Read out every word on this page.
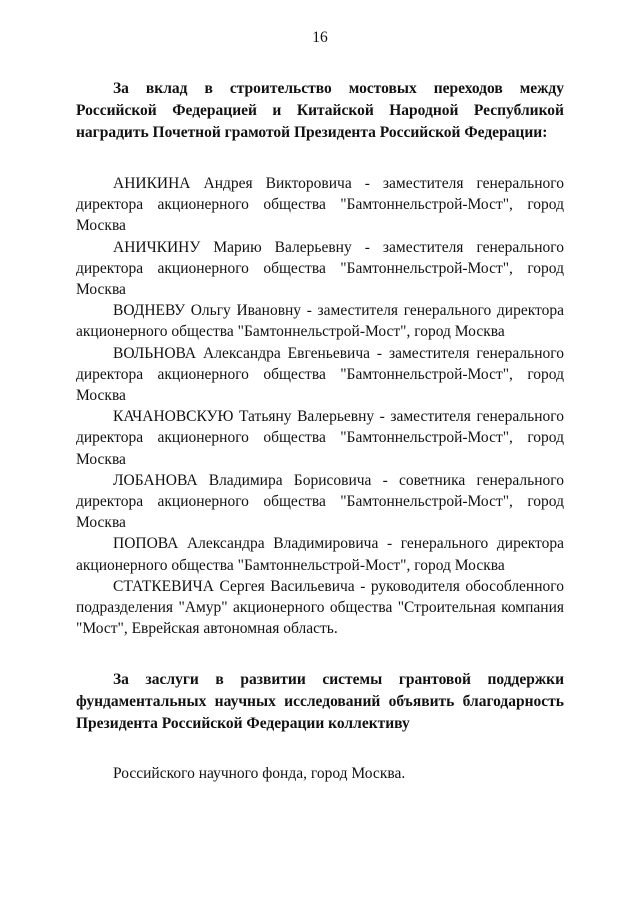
16

За вклад в строительство мостовых переходов между Российской Федерацией и Китайской Народной Республикой наградить Почетной грамотой Президента Российской Федерации:

АНИКИНА Андрея Викторовича - заместителя генерального директора акционерного общества "Бамтоннельстрой-Мост", город Москва

АНИЧКИНУ Марию Валерьевну - заместителя генерального директора акционерного общества "Бамтоннельстрой-Мост", город Москва

ВОДНЕВУ Ольгу Ивановну - заместителя генерального директора акционерного общества "Бамтоннельстрой-Мост", город Москва

ВОЛЬНОВА Александра Евгеньевича - заместителя генерального директора акционерного общества "Бамтоннельстрой-Мост", город Москва

КАЧАНОВСКУЮ Татьяну Валерьевну - заместителя генерального директора акционерного общества "Бамтоннельстрой-Мост", город Москва

ЛОБАНОВА Владимира Борисовича - советника генерального директора акционерного общества "Бамтоннельстрой-Мост", город Москва

ПОПОВА Александра Владимировича - генерального директора акционерного общества "Бамтоннельстрой-Мост", город Москва

СТАТКЕВИЧА Сергея Васильевича - руководителя обособленного подразделения "Амур" акционерного общества "Строительная компания "Мост", Еврейская автономная область.

За заслуги в развитии системы грантовой поддержки фундаментальных научных исследований объявить благодарность Президента Российской Федерации коллективу

Российского научного фонда, город Москва.
